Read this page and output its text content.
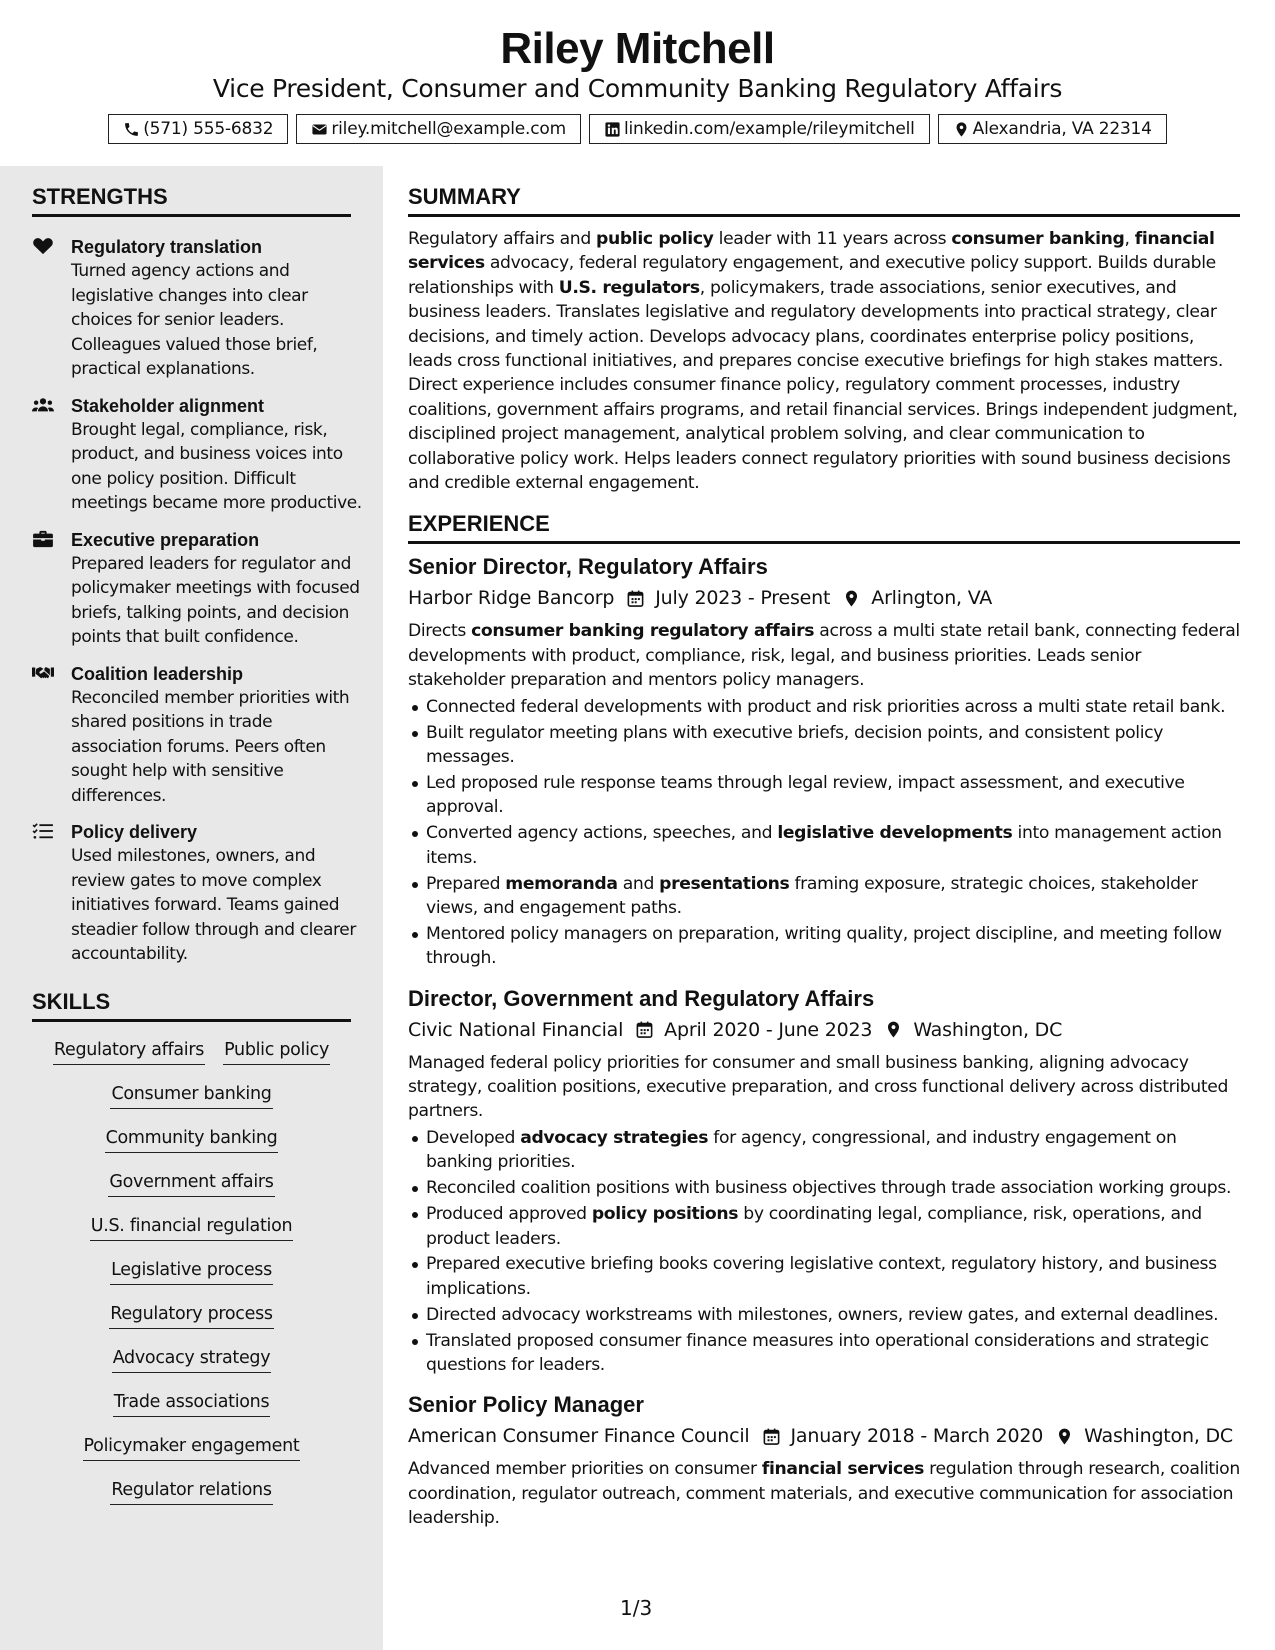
Riley Mitchell
Vice President, Consumer and Community Banking Regulatory Affairs
(571) 555-6832	riley.mitchell@example.com	linkedin.com/example/rileymitchell	Alexandria, VA 22314
STRENGTHS
Regulatory translation
Turned agency actions and legislative changes into clear choices for senior leaders. Colleagues valued those brief, practical explanations.
Stakeholder alignment
Brought legal, compliance, risk, product, and business voices into one policy position. Difficult meetings became more productive.
Executive preparation
Prepared leaders for regulator and policymaker meetings with focused briefs, talking points, and decision points that built confidence.
Coalition leadership
Reconciled member priorities with shared positions in trade association forums. Peers often sought help with sensitive differences.
Policy delivery
Used milestones, owners, and review gates to move complex initiatives forward. Teams gained steadier follow through and clearer accountability.
SKILLS
Regulatory affairs Public policy
Consumer banking
Community banking
Government affairs
U.S. financial regulation
Legislative process
Regulatory process
Advocacy strategy
Trade associations
Policymaker engagement
Regulator relations
SUMMARY

Regulatory affairs and public policy leader with 11 years across consumer banking, financial services advocacy, federal regulatory engagement, and executive policy support. Builds durable relationships with U.S. regulators, policymakers, trade associations, senior executives, and business leaders. Translates legislative and regulatory developments into practical strategy, clear decisions, and timely action. Develops advocacy plans, coordinates enterprise policy positions, leads cross functional initiatives, and prepares concise executive briefings for high stakes matters. Direct experience includes consumer finance policy, regulatory comment processes, industry coalitions, government affairs programs, and retail financial services. Brings independent judgment, disciplined project management, analytical problem solving, and clear communication to collaborative policy work. Helps leaders connect regulatory priorities with sound business decisions and credible external engagement.

EXPERIENCE
Senior Director, Regulatory Affairs
Harbor Ridge Bancorp July 2023 - Present Arlington, VA

Directs consumer banking regulatory affairs across a multi state retail bank, connecting federal developments with product, compliance, risk, legal, and business priorities. Leads senior stakeholder preparation and mentors policy managers.

Connected federal developments with product and risk priorities across a multi state retail bank.
Built regulator meeting plans with executive briefs, decision points, and consistent policy messages.
Led proposed rule response teams through legal review, impact assessment, and executive approval.
Converted agency actions, speeches, and legislative developments into management action items.
Prepared memoranda and presentations framing exposure, strategic choices, stakeholder views, and engagement paths.
Mentored policy managers on preparation, writing quality, project discipline, and meeting follow through.
Director, Government and Regulatory Affairs
Civic National Financial April 2020 - June 2023 Washington, DC

Managed federal policy priorities for consumer and small business banking, aligning advocacy strategy, coalition positions, executive preparation, and cross functional delivery across distributed partners.

Developed advocacy strategies for agency, congressional, and industry engagement on banking priorities.
Reconciled coalition positions with business objectives through trade association working groups.
Produced approved policy positions by coordinating legal, compliance, risk, operations, and product leaders.
Prepared executive briefing books covering legislative context, regulatory history, and business implications.
Directed advocacy workstreams with milestones, owners, review gates, and external deadlines.
Translated proposed consumer finance measures into operational considerations and strategic questions for leaders.
Senior Policy Manager
American Consumer Finance Council January 2018 - March 2020 Washington, DC

Advanced member priorities on consumer financial services regulation through research, coalition coordination, regulator outreach, comment materials, and executive communication for association leadership.

1/3
